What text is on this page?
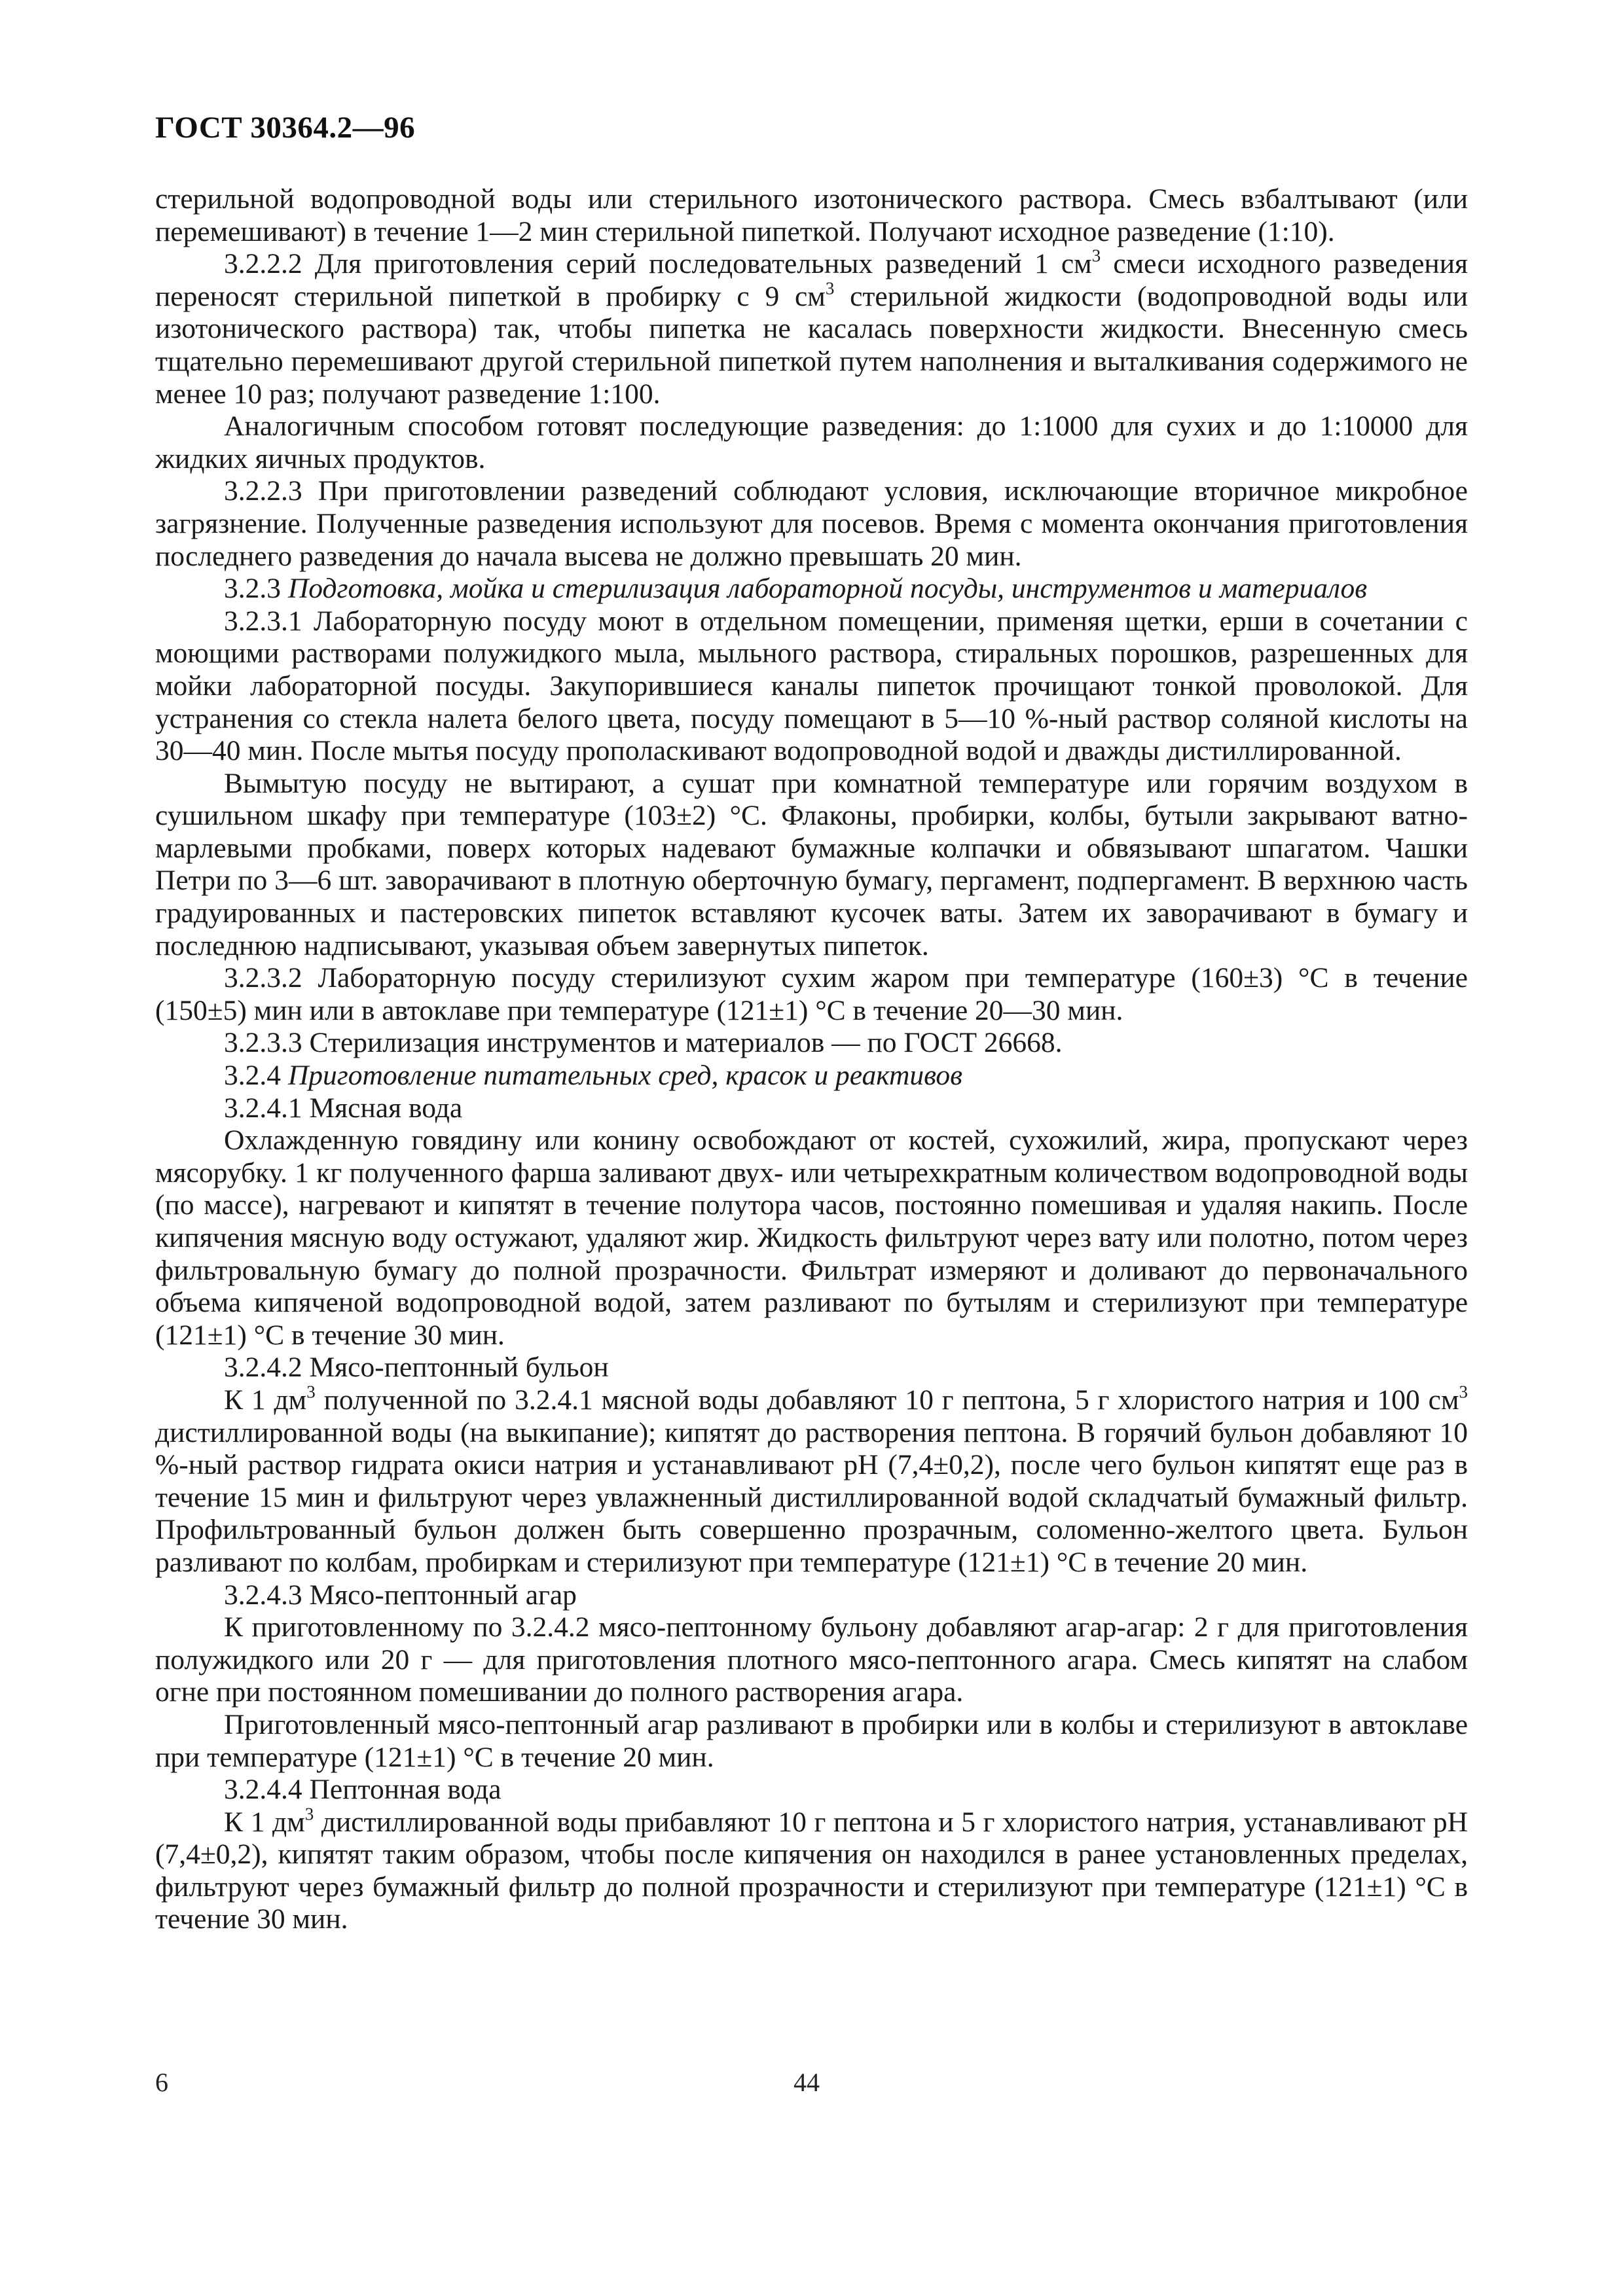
ГОСТ 30364.2—96

стерильной водопроводной воды или стерильного изотонического раствора. Смесь взбалтывают (или перемешивают) в течение 1—2 мин стерильной пипеткой. Получают исходное разведение (1:10).

3.2.2.2 Для приготовления серий последовательных разведений 1 $см^3$ смеси исходного разведения переносят стерильной пипеткой в пробирку с 9 $см^3$ стерильной жидкости (водопроводной воды или изотонического раствора) так, чтобы пипетка не касалась поверхности жидкости. Внесенную смесь тщательно перемешивают другой стерильной пипеткой путем наполнения и выталкивания содержимого не менее 10 раз; получают разведение 1:100.

Аналогичным способом готовят последующие разведения: до 1:1000 для сухих и до 1:10000 для жидких яичных продуктов.

3.2.2.3 При приготовлении разведений соблюдают условия, исключающие вторичное микробное загрязнение. Полученные разведения используют для посевов. Время с момента окончания приготовления последнего разведения до начала высева не должно превышать 20 мин.

3.2.3 Подготовка, мойка и стерилизация лабораторной посуды, инструментов и материалов

3.2.3.1 Лабораторную посуду моют в отдельном помещении, применяя щетки, ерши в сочетании с моющими растворами полужидкого мыла, мыльного раствора, стиральных порошков, разрешенных для мойки лабораторной посуды. Закупорившиеся каналы пипеток прочищают тонкой проволокой. Для устранения со стекла налета белого цвета, посуду помещают в 5—10 %-ный раствор соляной кислоты на 30—40 мин. После мытья посуду прополаскивают водопроводной водой и дважды дистиллированной.

Вымытую посуду не вытирают, а сушат при комнатной температуре или горячим воздухом в сушильном шкафу при температуре (103±2) °С. Флаконы, пробирки, колбы, бутыли закрывают ватно-марлевыми пробками, поверх которых надевают бумажные колпачки и обвязывают шпагатом. Чашки Петри по 3—6 шт. заворачивают в плотную оберточную бумагу, пергамент, подпергамент. В верхнюю часть градуированных и пастеровских пипеток вставляют кусочек ваты. Затем их заворачивают в бумагу и последнюю надписывают, указывая объем завернутых пипеток.

3.2.3.2 Лабораторную посуду стерилизуют сухим жаром при температуре (160±3) °С в течение (150±5) мин или в автоклаве при температуре (121±1) °С в течение 20—30 мин.

3.2.3.3 Стерилизация инструментов и материалов — по ГОСТ 26668.

3.2.4 Приготовление питательных сред, красок и реактивов

3.2.4.1 Мясная вода

Охлажденную говядину или конину освобождают от костей, сухожилий, жира, пропускают через мясорубку. 1 кг полученного фарша заливают двух- или четырехкратным количеством водопроводной воды (по массе), нагревают и кипятят в течение полутора часов, постоянно помешивая и удаляя накипь. После кипячения мясную воду остужают, удаляют жир. Жидкость фильтруют через вату или полотно, потом через фильтровальную бумагу до полной прозрачности. Фильтрат измеряют и доливают до первоначального объема кипяченой водопроводной водой, затем разливают по бутылям и стерилизуют при температуре (121±1) °С в течение 30 мин.

3.2.4.2 Мясо-пептонный бульон

К 1 $дм^3$ полученной по 3.2.4.1 мясной воды добавляют 10 г пептона, 5 г хлористого натрия и 100 $см^3$ дистиллированной воды (на выкипание); кипятят до растворения пептона. В горячий бульон добавляют 10 %-ный раствор гидрата окиси натрия и устанавливают рН (7,4±0,2), после чего бульон кипятят еще раз в течение 15 мин и фильтруют через увлажненный дистиллированной водой складчатый бумажный фильтр. Профильтрованный бульон должен быть совершенно прозрачным, соломенно-желтого цвета. Бульон разливают по колбам, пробиркам и стерилизуют при температуре (121±1) °С в течение 20 мин.

3.2.4.3 Мясо-пептонный агар

К приготовленному по 3.2.4.2 мясо-пептонному бульону добавляют агар-агар: 2 г для приготовления полужидкого или 20 г — для приготовления плотного мясо-пептонного агара. Смесь кипятят на слабом огне при постоянном помешивании до полного растворения агара.

Приготовленный мясо-пептонный агар разливают в пробирки или в колбы и стерилизуют в автоклаве при температуре (121±1) °С в течение 20 мин.

3.2.4.4 Пептонная вода

К 1 $дм^3$ дистиллированной воды прибавляют 10 г пептона и 5 г хлористого натрия, устанавливают рН (7,4±0,2), кипятят таким образом, чтобы после кипячения он находился в ранее установленных пределах, фильтруют через бумажный фильтр до полной прозрачности и стерилизуют при температуре (121±1) °С в течение 30 мин.

6	44
